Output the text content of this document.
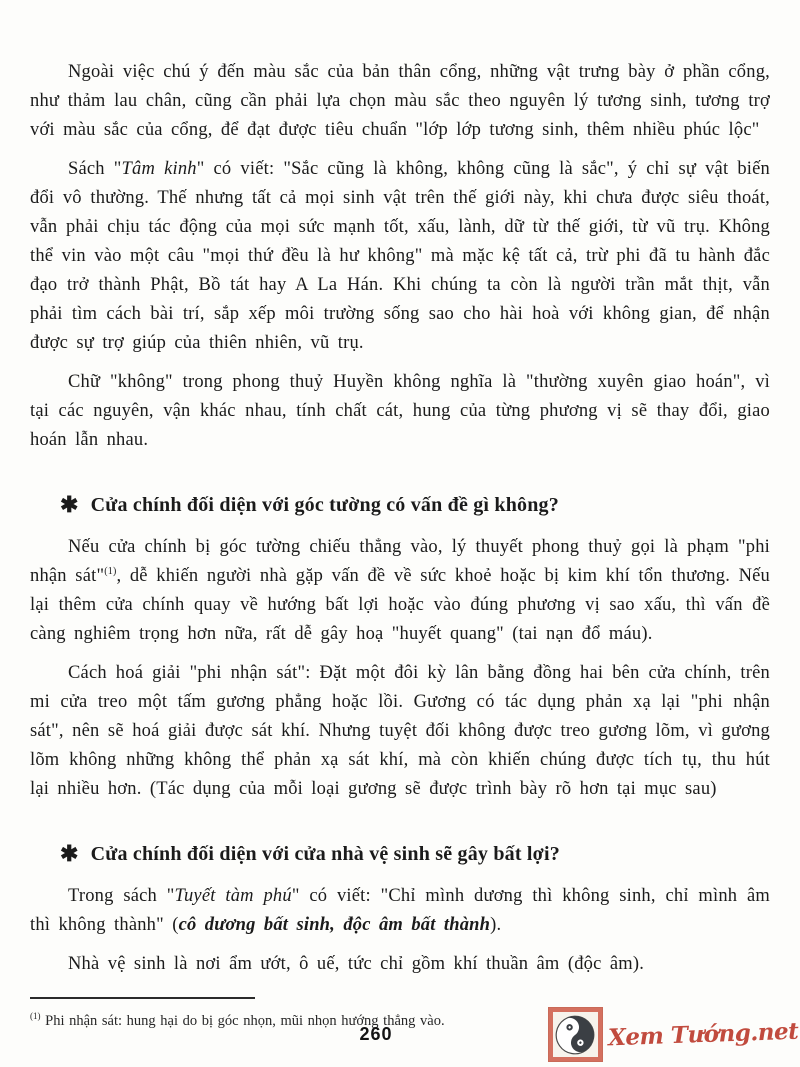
Ngoài việc chú ý đến màu sắc của bản thân cổng, những vật trưng bày ở phần cổng, như thảm lau chân, cũng cần phải lựa chọn màu sắc theo nguyên lý tương sinh, tương trợ với màu sắc của cổng, để đạt được tiêu chuẩn "lớp lớp tương sinh, thêm nhiều phúc lộc"

Sách "Tâm kinh" có viết: "Sắc cũng là không, không cũng là sắc", ý chỉ sự vật biến đổi vô thường. Thế nhưng tất cả mọi sinh vật trên thế giới này, khi chưa được siêu thoát, vẫn phải chịu tác động của mọi sức mạnh tốt, xấu, lành, dữ từ thế giới, từ vũ trụ. Không thể vin vào một câu "mọi thứ đều là hư không" mà mặc kệ tất cả, trừ phi đã tu hành đắc đạo trở thành Phật, Bồ tát hay A La Hán. Khi chúng ta còn là người trần mắt thịt, vẫn phải tìm cách bài trí, sắp xếp môi trường sống sao cho hài hoà với không gian, để nhận được sự trợ giúp của thiên nhiên, vũ trụ.

Chữ "không" trong phong thuỷ Huyền không nghĩa là "thường xuyên giao hoán", vì tại các nguyên, vận khác nhau, tính chất cát, hung của từng phương vị sẽ thay đổi, giao hoán lẫn nhau.

✱ Cửa chính đối diện với góc tường có vấn đề gì không?

Nếu cửa chính bị góc tường chiếu thẳng vào, lý thuyết phong thuỷ gọi là phạm "phi nhận sát"$^{(1)}$, dễ khiến người nhà gặp vấn đề về sức khoẻ hoặc bị kim khí tổn thương. Nếu lại thêm cửa chính quay về hướng bất lợi hoặc vào đúng phương vị sao xấu, thì vấn đề càng nghiêm trọng hơn nữa, rất dễ gây hoạ "huyết quang" (tai nạn đổ máu).

Cách hoá giải "phi nhận sát": Đặt một đôi kỳ lân bằng đồng hai bên cửa chính, trên mi cửa treo một tấm gương phẳng hoặc lồi. Gương có tác dụng phản xạ lại "phi nhận sát", nên sẽ hoá giải được sát khí. Nhưng tuyệt đối không được treo gương lõm, vì gương lõm không những không thể phản xạ sát khí, mà còn khiến chúng được tích tụ, thu hút lại nhiều hơn. (Tác dụng của mỗi loại gương sẽ được trình bày rõ hơn tại mục sau)

✱ Cửa chính đối diện với cửa nhà vệ sinh sẽ gây bất lợi?

Trong sách "Tuyết tàm phú" có viết: "Chỉ mình dương thì không sinh, chỉ mình âm thì không thành" (cô dương bất sinh, độc âm bất thành).

Nhà vệ sinh là nơi ẩm ướt, ô uế, tức chỉ gồm khí thuần âm (độc âm).

$^{(1)}$ Phi nhận sát: hung hại do bị góc nhọn, mũi nhọn hướng thẳng vào.

260	Xem Tướng.net
